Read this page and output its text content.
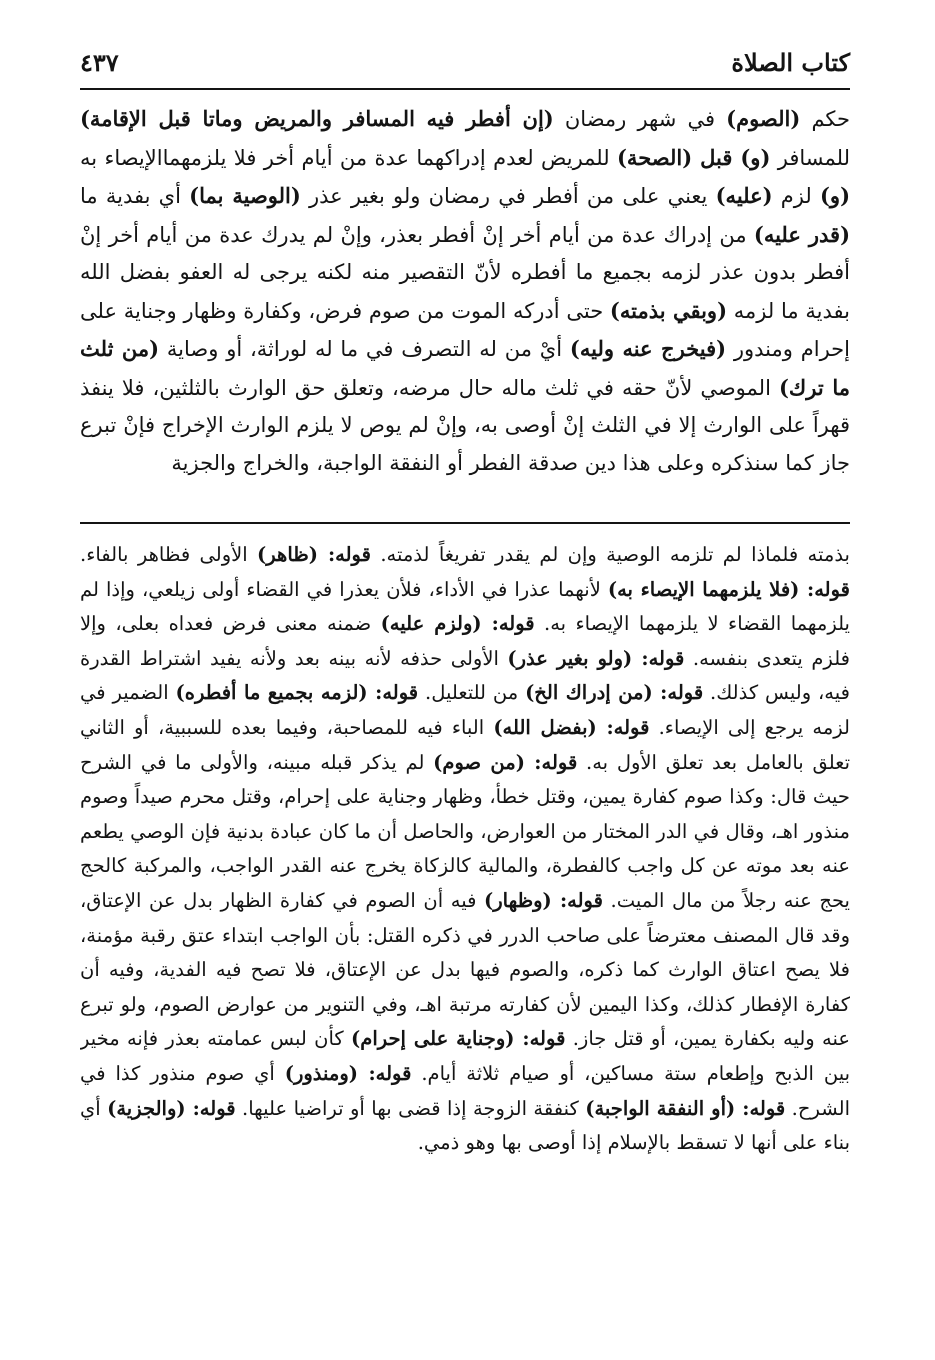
كتاب الصلاة
٤٣٧

حكم (الصوم) في شهر رمضان (إن أفطر فيه المسافر والمريض وماتا قبل الإقامة) للمسافر (و) قبل (الصحة) للمريض لعدم إدراكهما عدة من أيام أخر فلا يلزمهماالإيصاء به (و) لزم (عليه) يعني على من أفطر في رمضان ولو بغير عذر (الوصية بما) أي بفدية ما (قدر عليه) من إدراك عدة من أيام أخر إنْ أفطر بعذر، وإنْ لم يدرك عدة من أيام أخر إنْ أفطر بدون عذر لزمه بجميع ما أفطره لأنّ التقصير منه لكنه يرجى له العفو بفضل الله بفدية ما لزمه (وبقي بذمته) حتى أدركه الموت من صوم فرض، وكفارة وظهار وجناية على إحرام ومندور (فيخرج عنه وليه) أيْ من له التصرف في ما له لوراثة، أو وصاية (من ثلث ما ترك) الموصي لأنّ حقه في ثلث ماله حال مرضه، وتعلق حق الوارث بالثلثين، فلا ينفذ قهراً على الوارث إلا في الثلث إنْ أوصى به، وإنْ لم يوص لا يلزم الوارث الإخراج فإنْ تبرع جاز كما سنذكره وعلى هذا دين صدقة الفطر أو النفقة الواجبة، والخراج والجزية

بذمته فلماذا لم تلزمه الوصية وإن لم يقدر تفريغاً لذمته. قوله: (ظاهر) الأولى فظاهر بالفاء. قوله: (فلا يلزمهما الإيصاء به) لأنهما عذرا في الأداء، فلأن يعذرا في القضاء أولى زيلعي، وإذا لم يلزمهما القضاء لا يلزمهما الإيصاء به. قوله: (ولزم عليه) ضمنه معنى فرض فعداه بعلى، وإلا فلزم يتعدى بنفسه. قوله: (ولو بغير عذر) الأولى حذفه لأنه بينه بعد ولأنه يفيد اشتراط القدرة فيه، وليس كذلك. قوله: (من إدراك الخ) من للتعليل. قوله: (لزمه بجميع ما أفطره) الضمير في لزمه يرجع إلى الإيصاء. قوله: (بفضل الله) الباء فيه للمصاحبة، وفيما بعده للسببية، أو الثاني تعلق بالعامل بعد تعلق الأول به. قوله: (من صوم) لم يذكر قبله مبينه، والأولى ما في الشرح حيث قال: وكذا صوم كفارة يمين، وقتل خطأ، وظهار وجناية على إحرام، وقتل محرم صيداً وصوم منذور اهـ، وقال في الدر المختار من العوارض، والحاصل أن ما كان عبادة بدنية فإن الوصي يطعم عنه بعد موته عن كل واجب كالفطرة، والمالية كالزكاة يخرج عنه القدر الواجب، والمركبة كالحج يحج عنه رجلاً من مال الميت. قوله: (وظهار) فيه أن الصوم في كفارة الظهار بدل عن الإعتاق، وقد قال المصنف معترضاً على صاحب الدرر في ذكره القتل: بأن الواجب ابتداء عتق رقبة مؤمنة، فلا يصح اعتاق الوارث كما ذكره، والصوم فيها بدل عن الإعتاق، فلا تصح فيه الفدية، وفيه أن كفارة الإفطار كذلك، وكذا اليمين لأن كفارته مرتبة اهـ، وفي التنوير من عوارض الصوم، ولو تبرع عنه وليه بكفارة يمين، أو قتل جاز. قوله: (وجناية على إحرام) كأن لبس عمامته بعذر فإنه مخير بين الذبح وإطعام ستة مساكين، أو صيام ثلاثة أيام. قوله: (ومنذور) أي صوم منذور كذا في الشرح. قوله: (أو النفقة الواجبة) كنفقة الزوجة إذا قضى بها أو تراضيا عليها. قوله: (والجزية) أي بناء على أنها لا تسقط بالإسلام إذا أوصى بها وهو ذمي.
